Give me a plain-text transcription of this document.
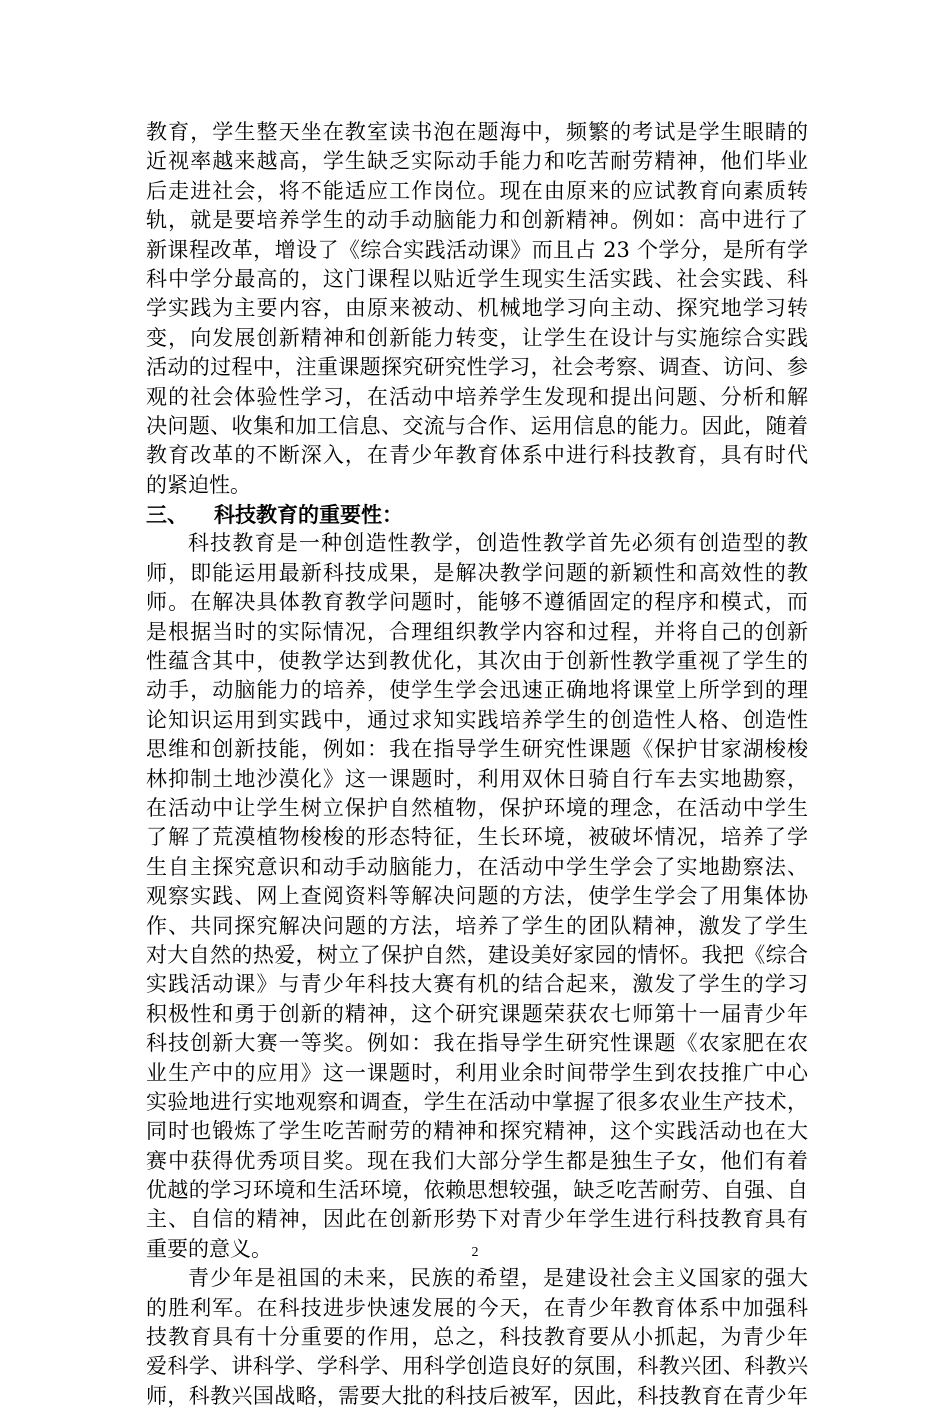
教育，学生整天坐在教室读书泡在题海中，频繁的考试是学生眼睛的
近视率越来越高，学生缺乏实际动手能力和吃苦耐劳精神，他们毕业
后走进社会，将不能适应工作岗位。现在由原来的应试教育向素质转
轨，就是要培养学生的动手动脑能力和创新精神。例如：高中进行了
新课程改革，增设了《综合实践活动课》而且占 23 个学分，是所有学
科中学分最高的，这门课程以贴近学生现实生活实践、社会实践、科
学实践为主要内容，由原来被动、机械地学习向主动、探究地学习转
变，向发展创新精神和创新能力转变，让学生在设计与实施综合实践
活动的过程中，注重课题探究研究性学习，社会考察、调查、访问、参
观的社会体验性学习，在活动中培养学生发现和提出问题、分析和解
决问题、收集和加工信息、交流与合作、运用信息的能力。因此，随着
教育改革的不断深入，在青少年教育体系中进行科技教育，具有时代
的紧迫性。
三、 科技教育的重要性：
科技教育是一种创造性教学，创造性教学首先必须有创造型的教
师，即能运用最新科技成果，是解决教学问题的新颖性和高效性的教
师。在解决具体教育教学问题时，能够不遵循固定的程序和模式，而
是根据当时的实际情况，合理组织教学内容和过程，并将自己的创新
性蕴含其中，使教学达到教优化，其次由于创新性教学重视了学生的
动手，动脑能力的培养，使学生学会迅速正确地将课堂上所学到的理
论知识运用到实践中，通过求知实践培养学生的创造性人格、创造性
思维和创新技能，例如：我在指导学生研究性课题《保护甘家湖梭梭
林抑制土地沙漠化》这一课题时，利用双休日骑自行车去实地勘察，
在活动中让学生树立保护自然植物，保护环境的理念，在活动中学生
了解了荒漠植物梭梭的形态特征，生长环境，被破坏情况，培养了学
生自主探究意识和动手动脑能力，在活动中学生学会了实地勘察法、
观察实践、网上查阅资料等解决问题的方法，使学生学会了用集体协
作、共同探究解决问题的方法，培养了学生的团队精神，激发了学生
对大自然的热爱，树立了保护自然，建设美好家园的情怀。我把《综合
实践活动课》与青少年科技大赛有机的结合起来，激发了学生的学习
积极性和勇于创新的精神，这个研究课题荣获农七师第十一届青少年
科技创新大赛一等奖。例如：我在指导学生研究性课题《农家肥在农
业生产中的应用》这一课题时，利用业余时间带学生到农技推广中心
实验地进行实地观察和调查，学生在活动中掌握了很多农业生产技术，
同时也锻炼了学生吃苦耐劳的精神和探究精神，这个实践活动也在大
赛中获得优秀项目奖。现在我们大部分学生都是独生子女，他们有着
优越的学习环境和生活环境，依赖思想较强，缺乏吃苦耐劳、自强、自
主、自信的精神，因此在创新形势下对青少年学生进行科技教育具有
重要的意义。
青少年是祖国的未来，民族的希望，是建设社会主义国家的强大
的胜利军。在科技进步快速发展的今天，在青少年教育体系中加强科
技教育具有十分重要的作用，总之，科技教育要从小抓起，为青少年
爱科学、讲科学、学科学、用科学创造良好的氛围，科教兴团、科教兴
师，科教兴国战略，需要大批的科技后被军，因此，科技教育在青少年
2
